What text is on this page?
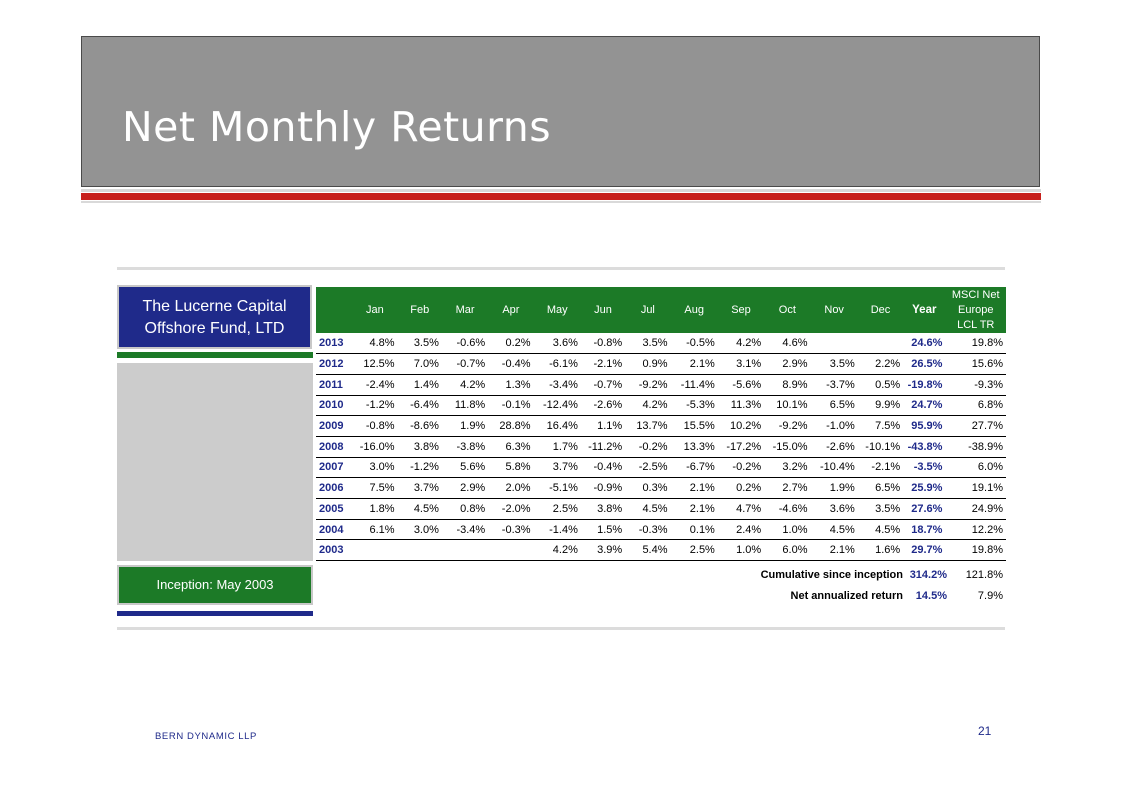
Net Monthly Returns
The Lucerne Capital
Offshore Fund, LTD
Inception: May 2003
	Jan	Feb	Mar	Apr	May	Jun	Jul	Aug	Sep	Oct	Nov	Dec	Year	MSCI Net
Europe
LCL TR

2013	4.8%	3.5%	-0.6%	0.2%	3.6%	-0.8%	3.5%	-0.5%	4.2%	4.6%			24.6%	19.8%
2012	12.5%	7.0%	-0.7%	-0.4%	-6.1%	-2.1%	0.9%	2.1%	3.1%	2.9%	3.5%	2.2%	26.5%	15.6%
2011	-2.4%	1.4%	4.2%	1.3%	-3.4%	-0.7%	-9.2%	-11.4%	-5.6%	8.9%	-3.7%	0.5%	-19.8%	-9.3%
2010	-1.2%	-6.4%	11.8%	-0.1%	-12.4%	-2.6%	4.2%	-5.3%	11.3%	10.1%	6.5%	9.9%	24.7%	6.8%
2009	-0.8%	-8.6%	1.9%	28.8%	16.4%	1.1%	13.7%	15.5%	10.2%	-9.2%	-1.0%	7.5%	95.9%	27.7%
2008	-16.0%	3.8%	-3.8%	6.3%	1.7%	-11.2%	-0.2%	13.3%	-17.2%	-15.0%	-2.6%	-10.1%	-43.8%	-38.9%
2007	3.0%	-1.2%	5.6%	5.8%	3.7%	-0.4%	-2.5%	-6.7%	-0.2%	3.2%	-10.4%	-2.1%	-3.5%	6.0%
2006	7.5%	3.7%	2.9%	2.0%	-5.1%	-0.9%	0.3%	2.1%	0.2%	2.7%	1.9%	6.5%	25.9%	19.1%
2005	1.8%	4.5%	0.8%	-2.0%	2.5%	3.8%	4.5%	2.1%	4.7%	-4.6%	3.6%	3.5%	27.6%	24.9%
2004	6.1%	3.0%	-3.4%	-0.3%	-1.4%	1.5%	-0.3%	0.1%	2.4%	1.0%	4.5%	4.5%	18.7%	12.2%
2003					4.2%	3.9%	5.4%	2.5%	1.0%	6.0%	2.1%	1.6%	29.7%	19.8%
Cumulative since inception 314.2% 121.8%
Net annualized return 14.5%	7.9%
BERN DYNAMIC LLP	21
